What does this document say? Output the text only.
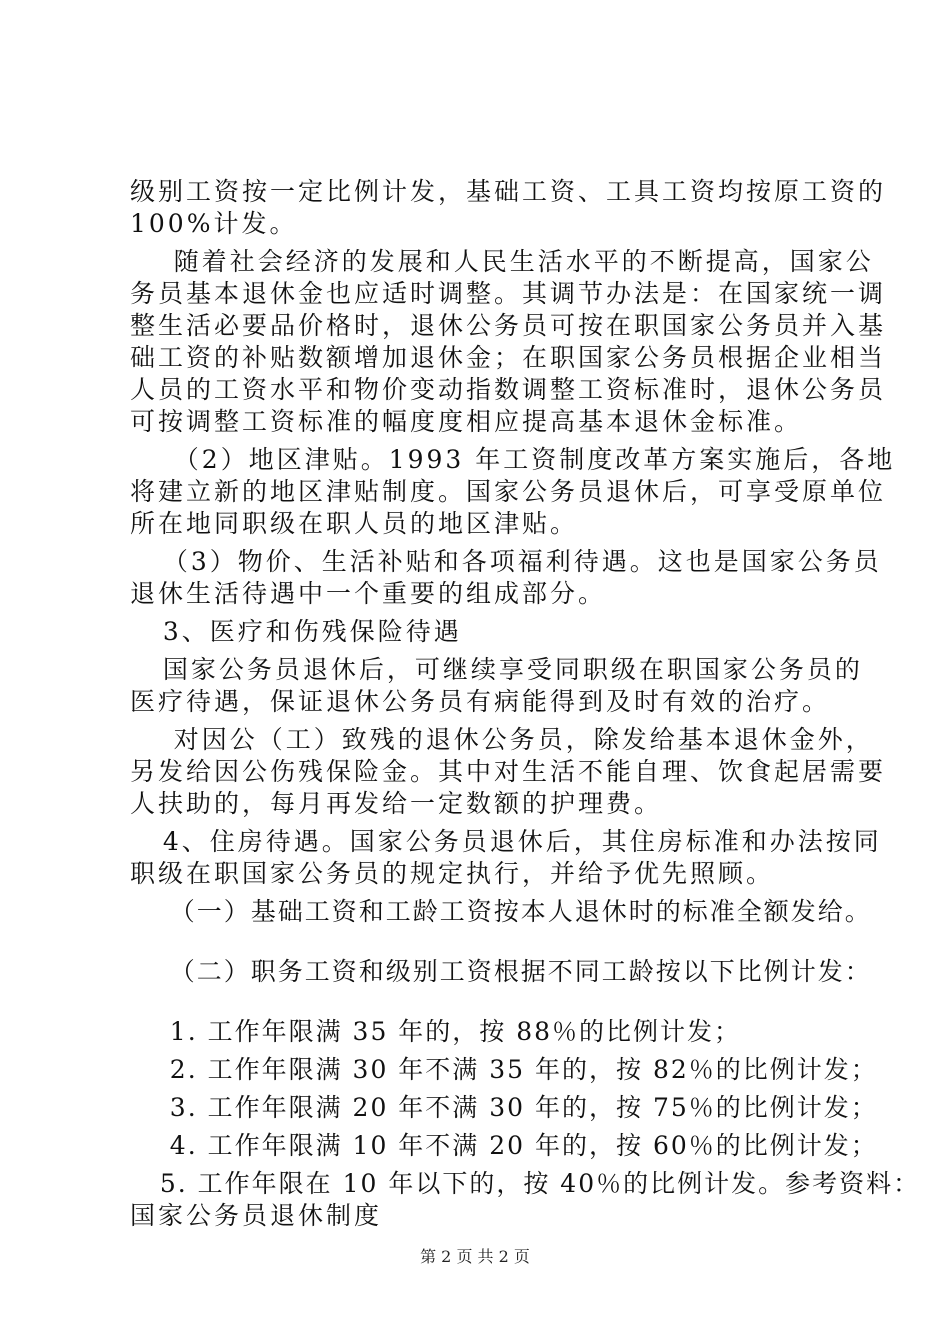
级别工资按一定比例计发，基础工资、工具工资均按原工资的
100%计发。
随着社会经济的发展和人民生活水平的不断提高，国家公
务员基本退休金也应适时调整。其调节办法是：在国家统一调
整生活必要品价格时，退休公务员可按在职国家公务员并入基
础工资的补贴数额增加退休金；在职国家公务员根据企业相当
人员的工资水平和物价变动指数调整工资标准时，退休公务员
可按调整工资标准的幅度度相应提高基本退休金标准。
（2）地区津贴。1993 年工资制度改革方案实施后，各地
将建立新的地区津贴制度。国家公务员退休后，可享受原单位
所在地同职级在职人员的地区津贴。
（3）物价、生活补贴和各项福利待遇。这也是国家公务员
退休生活待遇中一个重要的组成部分。
3、医疗和伤残保险待遇
国家公务员退休后，可继续享受同职级在职国家公务员的
医疗待遇，保证退休公务员有病能得到及时有效的治疗。
对因公（工）致残的退休公务员，除发给基本退休金外，
另发给因公伤残保险金。其中对生活不能自理、饮食起居需要
人扶助的，每月再发给一定数额的护理费。
4、住房待遇。国家公务员退休后，其住房标准和办法按同
职级在职国家公务员的规定执行，并给予优先照顾。
（一）基础工资和工龄工资按本人退休时的标准全额发给。
（二）职务工资和级别工资根据不同工龄按以下比例计发：
1. 工作年限满 35 年的，按 88％的比例计发；
2. 工作年限满 30 年不满 35 年的，按 82％的比例计发；
3. 工作年限满 20 年不满 30 年的，按 75％的比例计发；
4. 工作年限满 10 年不满 20 年的，按 60％的比例计发；
5. 工作年限在 10 年以下的，按 40％的比例计发。参考资料：
国家公务员退休制度
第 2 页 共 2 页
